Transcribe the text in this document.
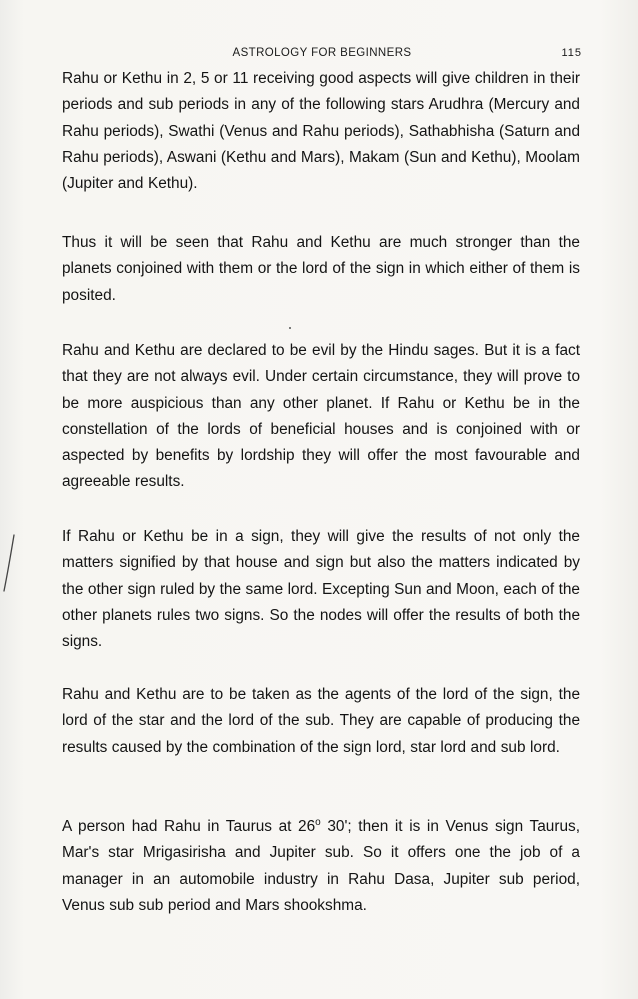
ASTROLOGY FOR BEGINNERS	115

Rahu or Kethu in 2, 5 or 11 receiving good aspects will give children in their periods and sub periods in any of the following stars Arudhra (Mercury and Rahu periods), Swathi (Venus and Rahu periods), Sathabhisha (Saturn and Rahu periods), Aswani (Kethu and Mars), Makam (Sun and Kethu), Moolam (Jupiter and Kethu).

Thus it will be seen that Rahu and Kethu are much stronger than the planets conjoined with them or the lord of the sign in which either of them is posited.

Rahu and Kethu are declared to be evil by the Hindu sages. But it is a fact that they are not always evil. Under certain circumstance, they will prove to be more auspicious than any other planet. If Rahu or Kethu be in the constellation of the lords of beneficial houses and is conjoined with or aspected by benefits by lordship they will offer the most favourable and agreeable results.

If Rahu or Kethu be in a sign, they will give the results of not only the matters signified by that house and sign but also the matters indicated by the other sign ruled by the same lord. Excepting Sun and Moon, each of the other planets rules two signs. So the nodes will offer the results of both the signs.

Rahu and Kethu are to be taken as the agents of the lord of the sign, the lord of the star and the lord of the sub. They are capable of producing the results caused by the combination of the sign lord, star lord and sub lord.

A person had Rahu in Taurus at 26$^o$ 30'; then it is in Venus sign Taurus, Mar's star Mrigasirisha and Jupiter sub. So it offers one the job of a manager in an automobile industry in Rahu Dasa, Jupiter sub period, Venus sub sub period and Mars shookshma.
